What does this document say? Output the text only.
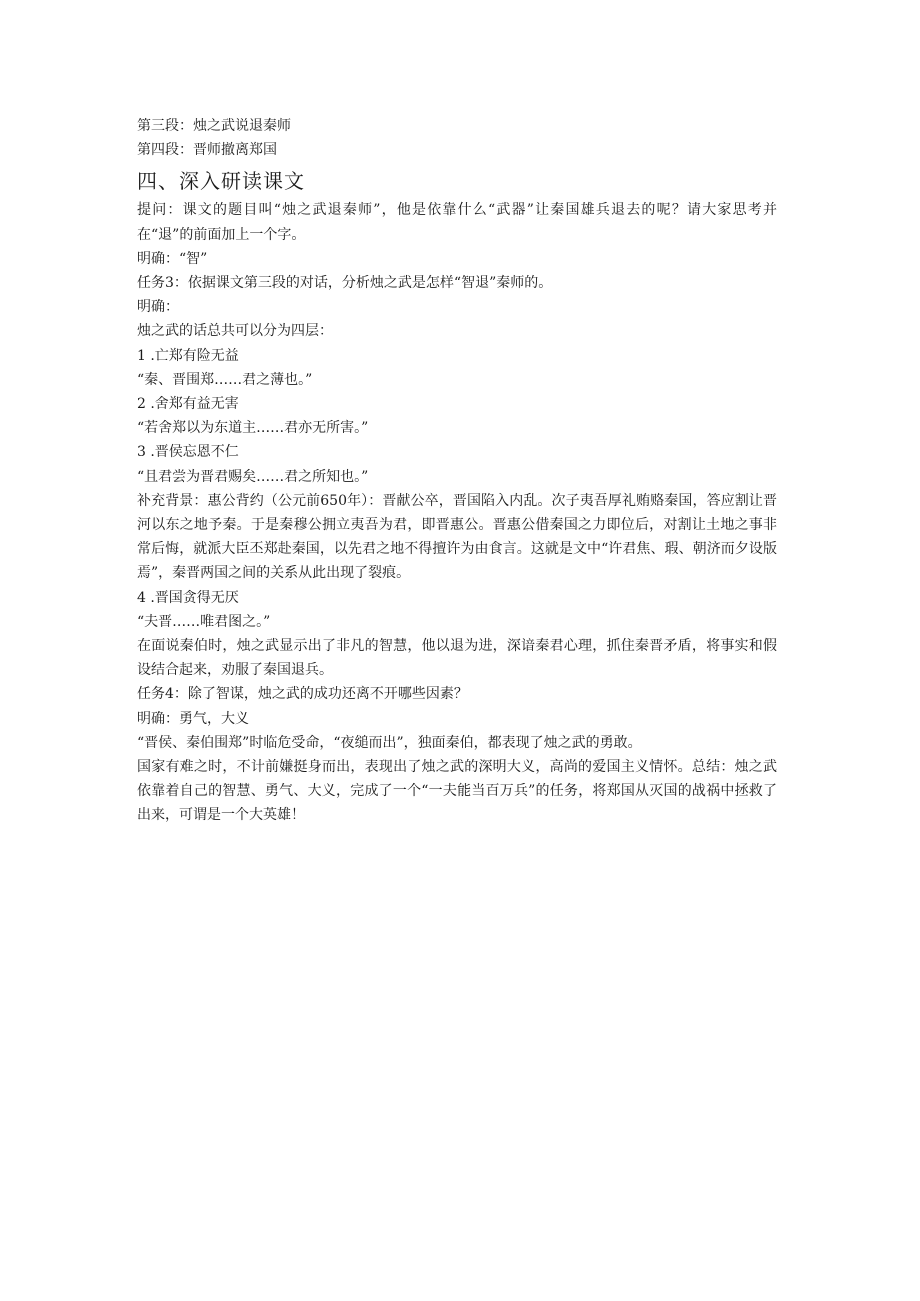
第三段：烛之武说退秦师
第四段：晋师撤离郑国
四、深入研读课文
提问：课文的题目叫“烛之武退秦师”，他是依靠什么“武器”让秦国雄兵退去的呢？请大家思考并在“退”的前面加上一个字。
明确：“智”
任务3：依据课文第三段的对话，分析烛之武是怎样“智退”秦师的。
明确：
烛之武的话总共可以分为四层：
1 .亡郑有险无益
“秦、晋围郑……君之薄也。”
2 .舍郑有益无害
“若舍郑以为东道主……君亦无所害。”
3 .晋侯忘恩不仁
“且君尝为晋君赐矣……君之所知也。”
补充背景：惠公背约（公元前650年）：晋献公卒，晋国陷入内乱。次子夷吾厚礼贿赂秦国，答应割让晋河以东之地予秦。于是秦穆公拥立夷吾为君，即晋惠公。晋惠公借秦国之力即位后，对割让土地之事非常后悔，就派大臣丕郑赴秦国，以先君之地不得擅许为由食言。这就是文中“许君焦、瑕、朝济而夕设版焉”，秦晋两国之间的关系从此出现了裂痕。
4 .晋国贪得无厌
“夫晋……唯君图之。”
在面说秦伯时，烛之武显示出了非凡的智慧，他以退为进，深谙秦君心理，抓住秦晋矛盾，将事实和假设结合起来，劝服了秦国退兵。
任务4：除了智谋，烛之武的成功还离不开哪些因素？
明确：勇气，大义
“晋侯、秦伯围郑”时临危受命，“夜缒而出”，独面秦伯，都表现了烛之武的勇敢。
国家有难之时，不计前嫌挺身而出，表现出了烛之武的深明大义，高尚的爱国主义情怀。总结：烛之武依靠着自己的智慧、勇气、大义，完成了一个“一夫能当百万兵”的任务，将郑国从灭国的战祸中拯救了出来，可谓是一个大英雄！
